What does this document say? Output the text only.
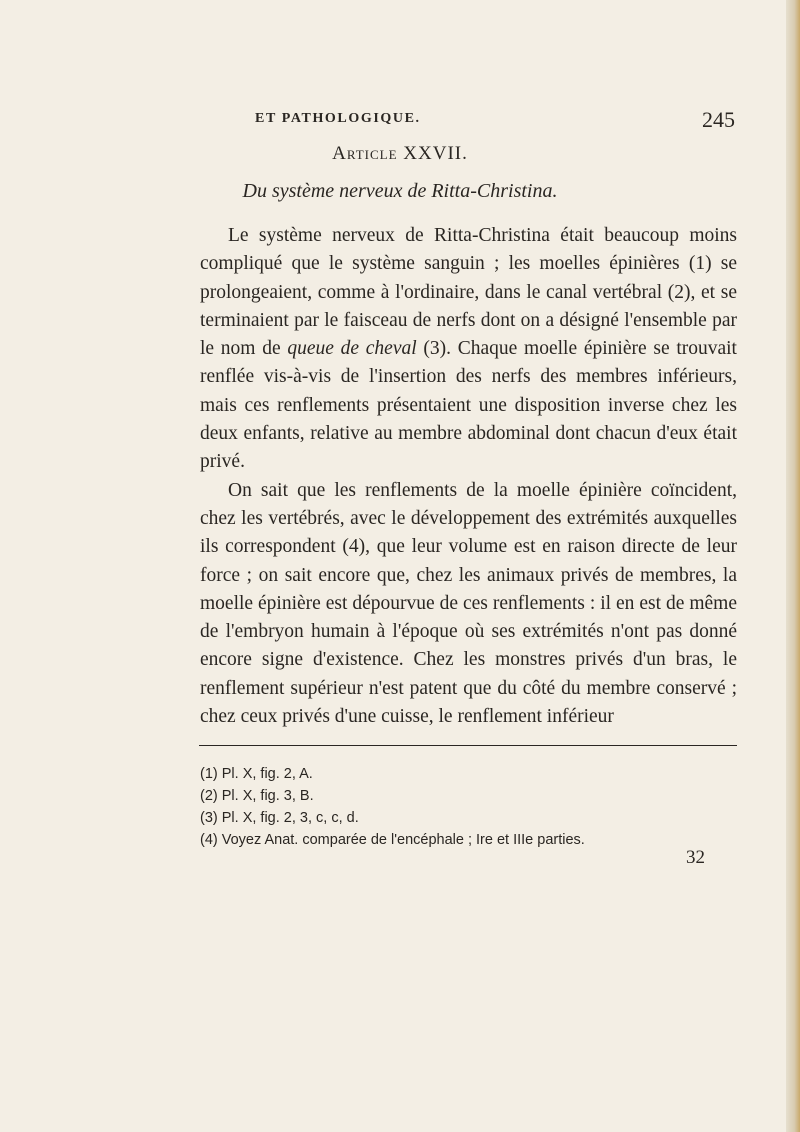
ET PATHOLOGIQUE.	245
Article XXVII.
Du système nerveux de Ritta-Christina.

Le système nerveux de Ritta-Christina était beaucoup moins compliqué que le système sanguin ; les moelles épinières (1) se prolongeaient, comme à l'ordinaire, dans le canal vertébral (2), et se terminaient par le faisceau de nerfs dont on a désigné l'ensemble par le nom de queue de cheval (3). Chaque moelle épinière se trouvait renflée vis-à-vis de l'insertion des nerfs des membres inférieurs, mais ces renflements présentaient une disposition inverse chez les deux enfants, relative au membre abdominal dont chacun d'eux était privé.

On sait que les renflements de la moelle épinière coïncident, chez les vertébrés, avec le développement des extrémités auxquelles ils correspondent (4), que leur volume est en raison directe de leur force ; on sait encore que, chez les animaux privés de membres, la moelle épinière est dépourvue de ces renflements : il en est de même de l'embryon humain à l'époque où ses extrémités n'ont pas donné encore signe d'existence. Chez les monstres privés d'un bras, le renflement supérieur n'est patent que du côté du membre conservé ; chez ceux privés d'une cuisse, le renflement inférieur

(1) Pl. X, fig. 2, A.
(2) Pl. X, fig. 3, B.
(3) Pl. X, fig. 2, 3, c, c, d.
(4) Voyez Anat. comparée de l'encéphale ; Ire et IIIe parties.
32
